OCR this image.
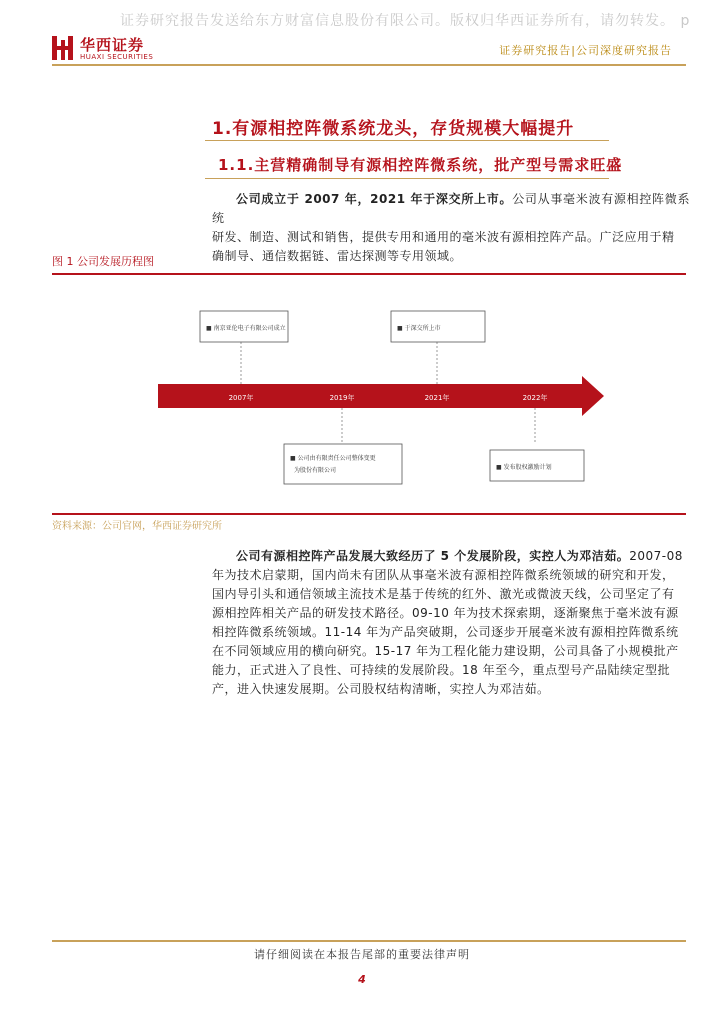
证券研究报告发送给东方财富信息股份有限公司。版权归华西证券所有，请勿转发。 p
华西证券
HUAXI SECURITIES	证券研究报告|公司深度研究报告
1.有源相控阵微系统龙头，存货规模大幅提升
1.1.主营精确制导有源相控阵微系统，批产型号需求旺盛
公司成立于 2007 年，2021 年于深交所上市。公司从事毫米波有源相控阵微系统
研发、制造、测试和销售，提供专用和通用的毫米波有源相控阵产品。广泛应用于精
确制导、通信数据链、雷达探测等专用领域。
图 1 公司发展历程图
2007年	2019年	2021年	2022年
■ 南京亚伦电子有限公司成立	■ 于深交所上市
■ 公司由有限责任公司整体变更
为股份有限公司	■ 发布股权激励计划
资料来源：公司官网，华西证券研究所
公司有源相控阵产品发展大致经历了 5 个发展阶段，实控人为邓洁茹。2007-08
年为技术启蒙期，国内尚未有团队从事毫米波有源相控阵微系统领域的研究和开发，
国内导引头和通信领域主流技术是基于传统的红外、激光或微波天线，公司坚定了有
源相控阵相关产品的研发技术路径。09-10 年为技术探索期，逐渐聚焦于毫米波有源
相控阵微系统领域。11-14 年为产品突破期，公司逐步开展毫米波有源相控阵微系统
在不同领域应用的横向研究。15-17 年为工程化能力建设期，公司具备了小规模批产
能力，正式进入了良性、可持续的发展阶段。18 年至今，重点型号产品陆续定型批
产，进入快速发展期。公司股权结构清晰，实控人为邓洁茹。
请仔细阅读在本报告尾部的重要法律声明
4
